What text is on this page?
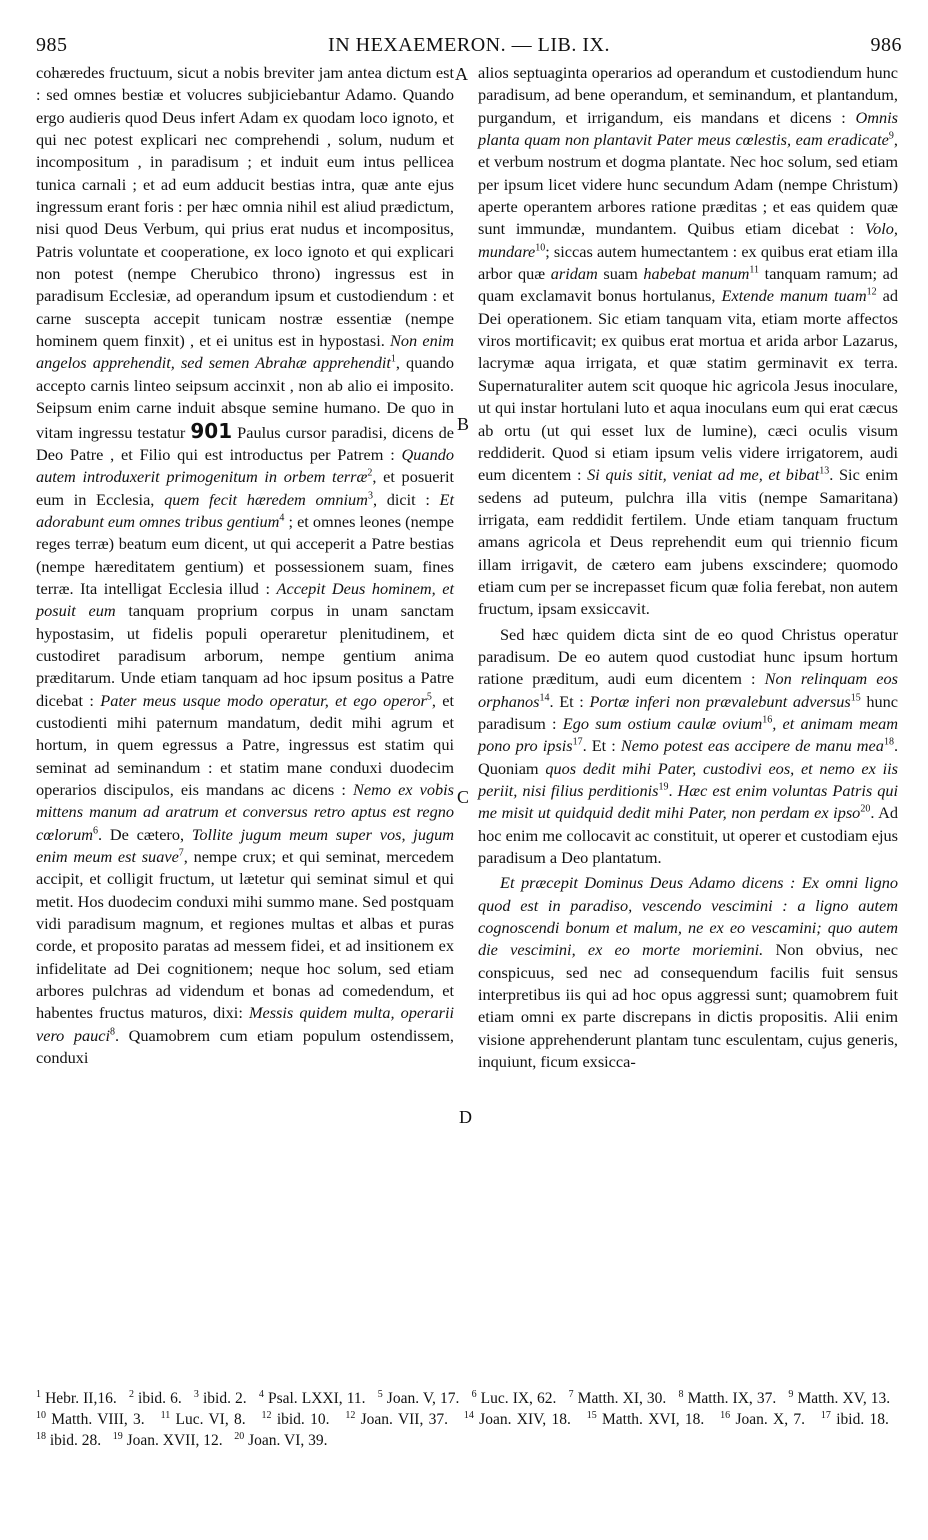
985	IN HEXAEMERON. — LIB. IX.	986

cohæredes fructuum, sicut a nobis breviter jam antea dictum est : sed omnes bestiæ et volucres subjiciebantur Adamo. Quando ergo audieris quod Deus infert Adam ex quodam loco ignoto, et qui nec potest explicari nec comprehendi , solum, nudum et incompositum , in paradisum ; et induit eum intus pellicea tunica carnali ; et ad eum adducit bestias intra, quæ ante ejus ingressum erant foris : per hæc omnia nihil est aliud prædictum, nisi quod Deus Verbum, qui prius erat nudus et incompositus, Patris voluntate et cooperatione, ex loco ignoto et qui explicari non potest (nempe Cherubico throno) ingressus est in paradisum Ecclesiæ, ad operandum ipsum et custodiendum : et carne suscepta accepit tunicam nostræ essentiæ (nempe hominem quem finxit) , et ei unitus est in hypostasi. Non enim angelos apprehendit, sed semen Abrahæ apprehendit$^1$, quando accepto carnis linteo seipsum accinxit , non ab alio ei imposito. Seipsum enim carne induit absque semine humano. De quo in vitam ingressu testatur 901 Paulus cursor paradisi, dicens de Deo Patre , et Filio qui est introductus per Patrem : Quando autem introduxerit primogenitum in orbem terræ$^2$, et posuerit eum in Ecclesia, quem fecit hæredem omnium$^3$, dicit : Et adorabunt eum omnes tribus gentium$^4$ ; et omnes leones (nempe reges terræ) beatum eum dicent, ut qui acceperit a Patre bestias (nempe hæreditatem gentium) et possessionem suam, fines terræ. Ita intelligat Ecclesia illud : Accepit Deus hominem, et posuit eum tanquam proprium corpus in unam sanctam hypostasim, ut fidelis populi operaretur plenitudinem, et custodiret paradisum arborum, nempe gentium anima præditarum. Unde etiam tanquam ad hoc ipsum positus a Patre dicebat : Pater meus usque modo operatur, et ego operor$^5$, et custodienti mihi paternum mandatum, dedit mihi agrum et hortum, in quem egressus a Patre, ingressus est statim qui seminat ad seminandum : et statim mane conduxi duodecim operarios discipulos, eis mandans ac dicens : Nemo ex vobis mittens manum ad aratrum et conversus retro aptus est regno cœlorum$^6$. De cætero, Tollite jugum meum super vos, jugum enim meum est suave$^7$, nempe crux; et qui seminat, mercedem accipit, et colligit fructum, ut lætetur qui seminat simul et qui metit. Hos duodecim conduxi mihi summo mane. Sed postquam vidi paradisum magnum, et regiones multas et albas et puras corde, et proposito paratas ad messem fidei, et ad insitionem ex infidelitate ad Dei cognitionem; neque hoc solum, sed etiam arbores pulchras ad videndum et bonas ad comedendum, et habentes fructus maturos, dixi: Messis quidem multa, operarii vero pauci$^8$. Quamobrem cum etiam populum ostendissem, conduxi

A
B
C
D

alios septuaginta operarios ad operandum et custodiendum hunc paradisum, ad bene operandum, et seminandum, et plantandum, purgandum, et irrigandum, eis mandans et dicens : Omnis planta quam non plantavit Pater meus cœlestis, eam eradicate$^9$, et verbum nostrum et dogma plantate. Nec hoc solum, sed etiam per ipsum licet videre hunc secundum Adam (nempe Christum) aperte operantem arbores ratione præditas ; et eas quidem quæ sunt immundæ, mundantem. Quibus etiam dicebat : Volo, mundare$^{10}$; siccas autem humectantem : ex quibus erat etiam illa arbor quæ aridam suam habebat manum$^{11}$ tanquam ramum; ad quam exclamavit bonus hortulanus, Extende manum tuam$^{12}$ ad Dei operationem. Sic etiam tanquam vita, etiam morte affectos viros mortificavit; ex quibus erat mortua et arida arbor Lazarus, lacrymæ aqua irrigata, et quæ statim germinavit ex terra. Supernaturaliter autem scit quoque hic agricola Jesus inoculare, ut qui instar hortulani luto et aqua inoculans eum qui erat cæcus ab ortu (ut qui esset lux de lumine), cæci oculis visum reddiderit. Quod si etiam ipsum velis videre irrigatorem, audi eum dicentem : Si quis sitit, veniat ad me, et bibat$^{13}$. Sic enim sedens ad puteum, pulchra illa vitis (nempe Samaritana) irrigata, eam reddidit fertilem. Unde etiam tanquam fructum amans agricola et Deus reprehendit eum qui triennio ficum illam irrigavit, de cætero eam jubens exscindere; quomodo etiam cum per se increpasset ficum quæ folia ferebat, non autem fructum, ipsam exsiccavit.

Sed hæc quidem dicta sint de eo quod Christus operatur paradisum. De eo autem quod custodiat hunc ipsum hortum ratione præditum, audi eum dicentem : Non relinquam eos orphanos$^{14}$. Et : Portæ inferi non prævalebunt adversus$^{15}$ hunc paradisum : Ego sum ostium caulæ ovium$^{16}$, et animam meam pono pro ipsis$^{17}$. Et : Nemo potest eas accipere de manu mea$^{18}$. Quoniam quos dedit mihi Pater, custodivi eos, et nemo ex iis periit, nisi filius perditionis$^{19}$. Hæc est enim voluntas Patris qui me misit ut quidquid dedit mihi Pater, non perdam ex ipso$^{20}$. Ad hoc enim me collocavit ac constituit, ut operer et custodiam ejus paradisum a Deo plantatum.

Et præcepit Dominus Deus Adamo dicens : Ex omni ligno quod est in paradiso, vescendo vescimini : a ligno autem cognoscendi bonum et malum, ne ex eo vescamini; quo autem die vescimini, ex eo morte moriemini. Non obvius, nec conspicuus, sed nec ad consequendum facilis fuit sensus interpretibus iis qui ad hoc opus aggressi sunt; quamobrem fuit etiam omni ex parte discrepans in dictis propositis. Alii enim visione apprehenderunt plantam tunc esculentam, cujus generis, inquiunt, ficum exsicca-

$^1$ Hebr. II,16. $^2$ ibid. 6. $^3$ ibid. 2. $^4$ Psal. LXXI, 11. $^5$ Joan. V, 17. $^6$ Luc. IX, 62. $^7$ Matth. XI, 30. $^8$ Matth. IX, 37. $^9$ Matth. XV, 13.   $^{10}$ Matth. VIII, 3. $^{11}$ Luc. VI, 8. $^{12}$ ibid. 10. $^{12}$ Joan. VII, 37. $^{14}$ Joan. XIV, 18. $^{15}$ Matth. XVI, 18. $^{16}$ Joan. X, 7. $^{17}$ ibid. 18.   $^{18}$ ibid. 28. $^{19}$ Joan. XVII, 12. $^{20}$ Joan. VI, 39.
